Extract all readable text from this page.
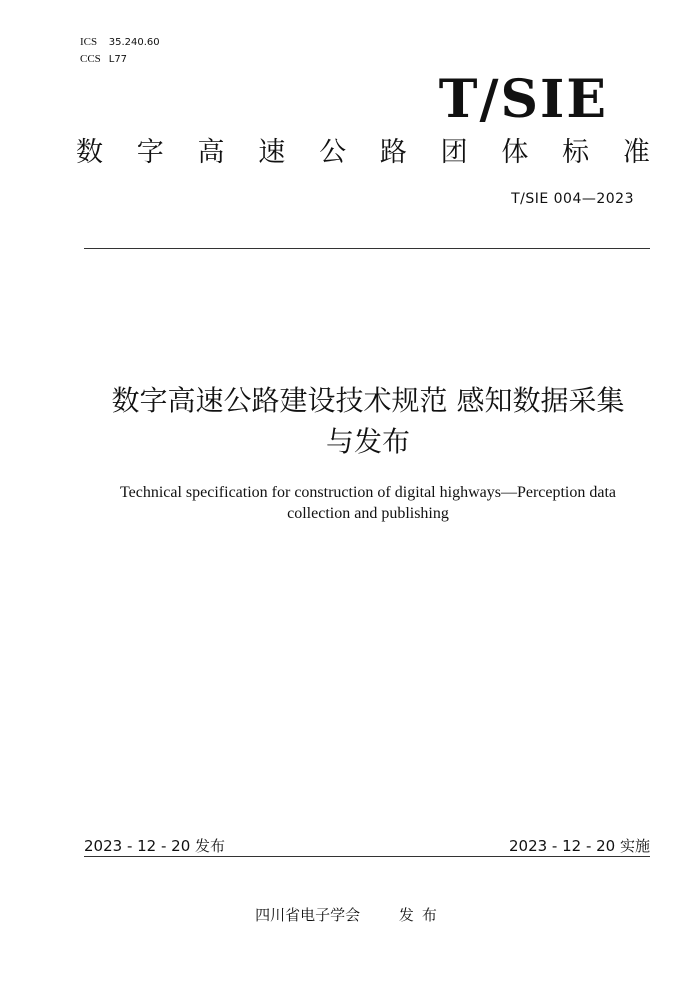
ICS 35.240.60
CCS L77
T/SIE
数 字 高 速 公 路 团 体 标 准
T/SIE 004—2023
数字高速公路建设技术规范 感知数据采集
与发布
Technical specification for construction of digital highways—Perception data
collection and publishing
2023 - 12 - 20 发布	2023 - 12 - 20 实施
四川省电子学会	发布
